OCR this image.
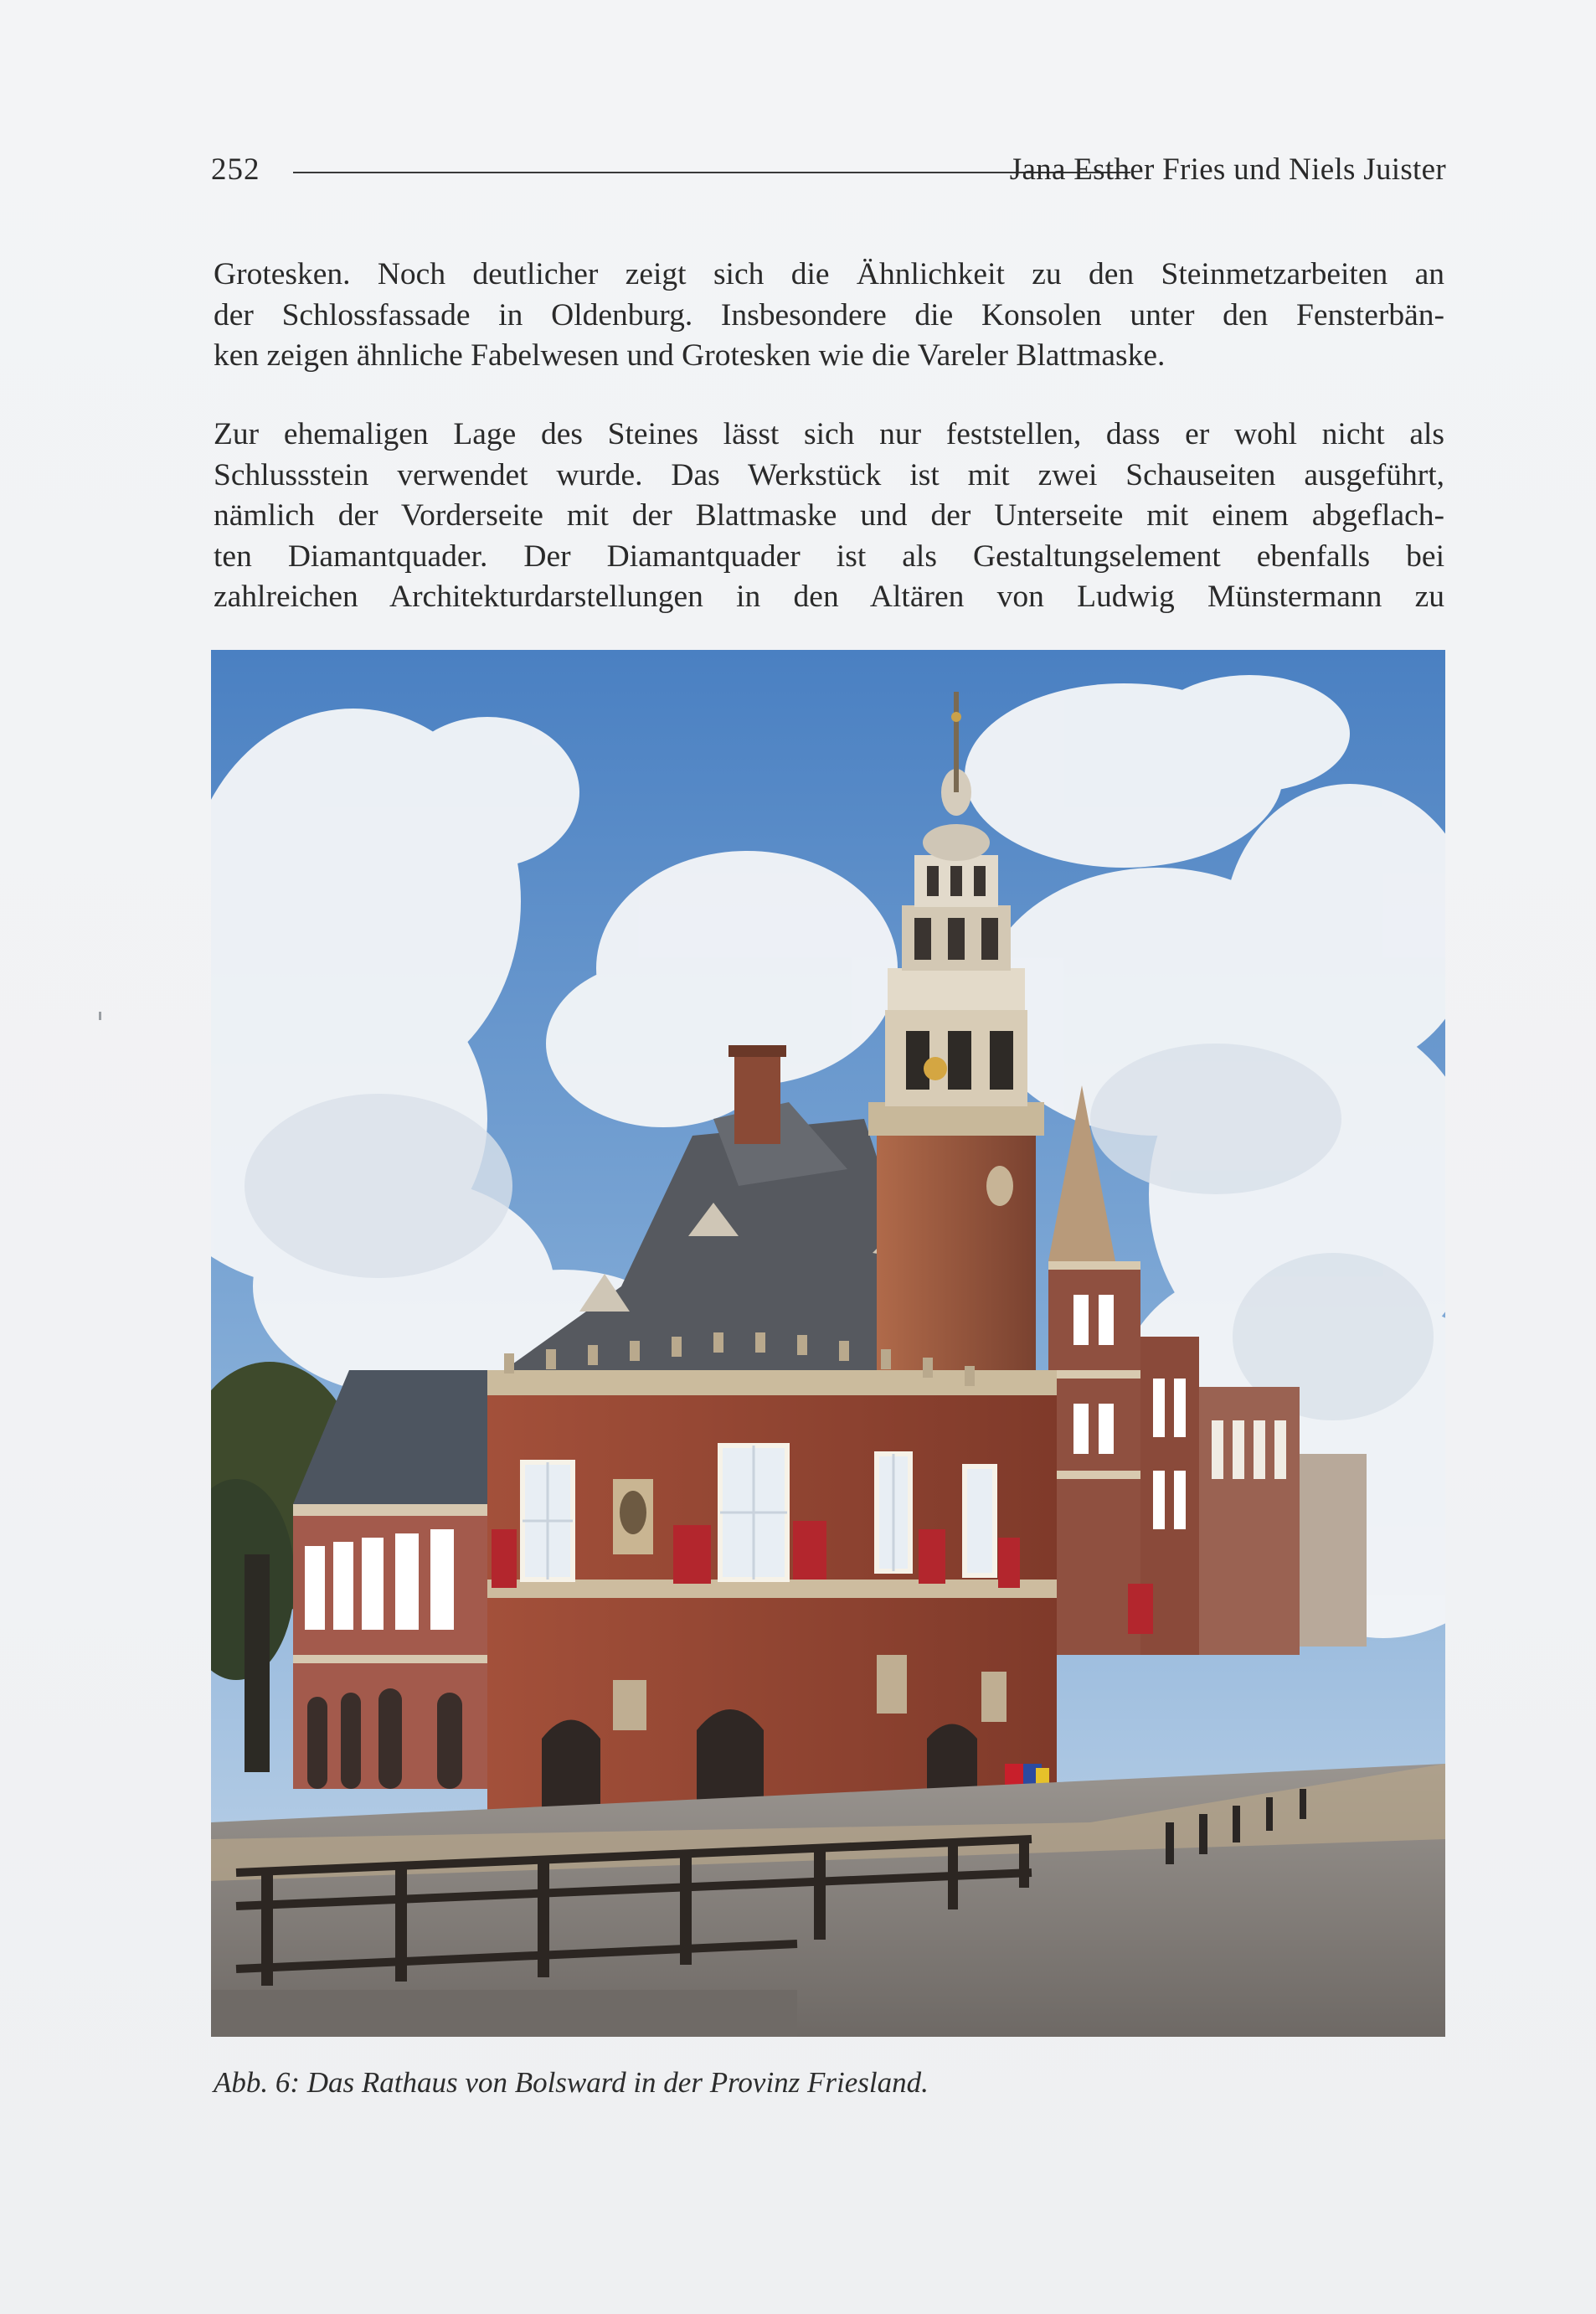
252	Jana Esther Fries und Niels Juister

Grotesken. Noch deutlicher zeigt sich die Ähnlichkeit zu den Steinmetzarbeiten an
der Schlossfassade in Oldenburg. Insbesondere die Konsolen unter den Fensterbän-
ken zeigen ähnliche Fabelwesen und Grotesken wie die Vareler Blattmaske.

Zur ehemaligen Lage des Steines lässt sich nur feststellen, dass er wohl nicht als
Schlussstein verwendet wurde. Das Werkstück ist mit zwei Schauseiten ausgeführt,
nämlich der Vorderseite mit der Blattmaske und der Unterseite mit einem abgeflach-
ten Diamantquader. Der Diamantquader ist als Gestaltungselement ebenfalls bei
zahlreichen Architekturdarstellungen in den Altären von Ludwig Münstermann zu

Abb. 6: Das Rathaus von Bolsward in der Provinz Friesland.
